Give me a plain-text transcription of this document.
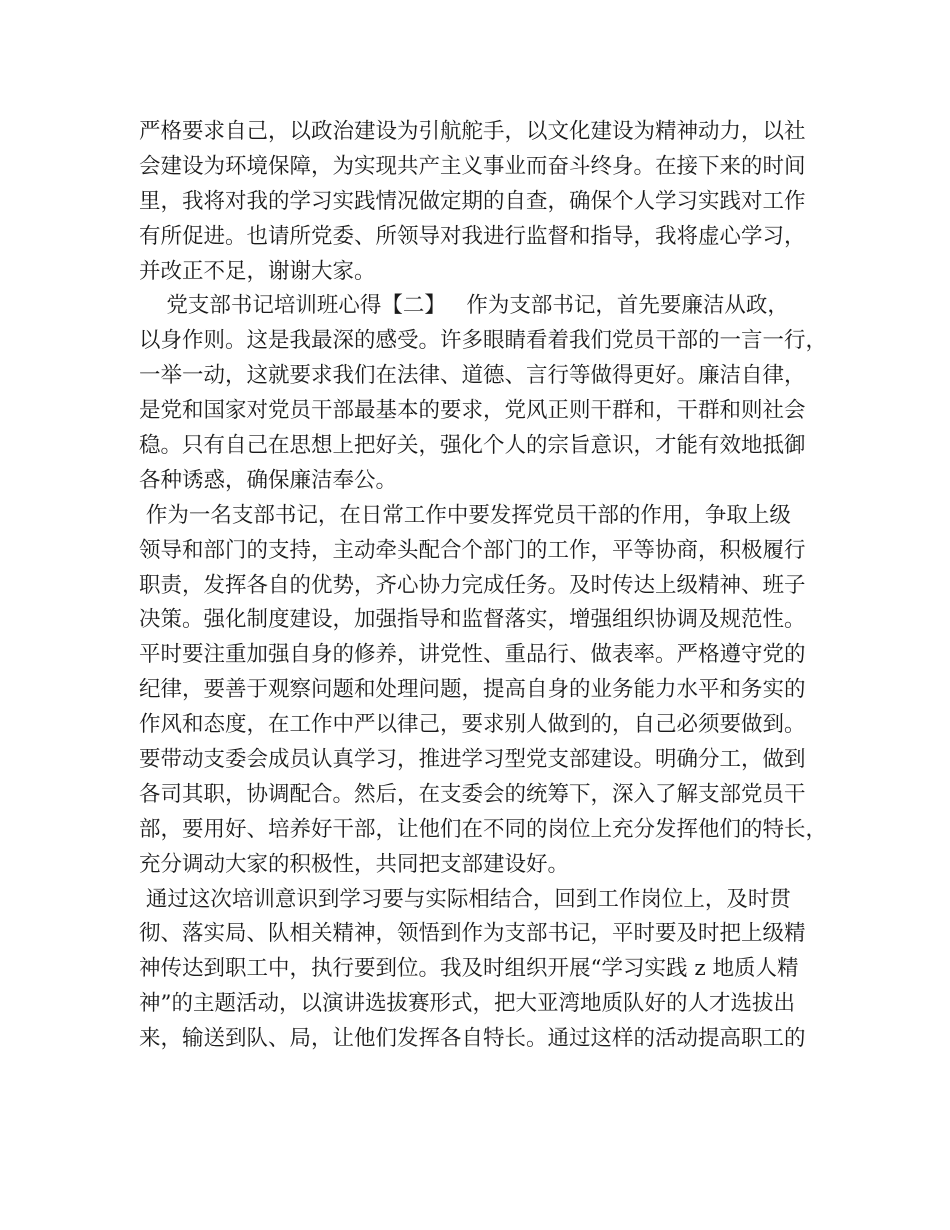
严格要求自己，以政治建设为引航舵手，以文化建设为精神动力，以社
会建设为环境保障，为实现共产主义事业而奋斗终身。在接下来的时间
里，我将对我的学习实践情况做定期的自查，确保个人学习实践对工作
有所促进。也请所党委、所领导对我进行监督和指导，我将虚心学习，
并改正不足，谢谢大家。
党支部书记培训班心得【二】   作为支部书记，首先要廉洁从政，
以身作则。这是我最深的感受。许多眼睛看着我们党员干部的一言一行，
一举一动，这就要求我们在法律、道德、言行等做得更好。廉洁自律，
是党和国家对党员干部最基本的要求，党风正则干群和，干群和则社会
稳。只有自己在思想上把好关，强化个人的宗旨意识，才能有效地抵御
各种诱惑，确保廉洁奉公。
作为一名支部书记，在日常工作中要发挥党员干部的作用，争取上级
领导和部门的支持，主动牵头配合个部门的工作，平等协商，积极履行
职责，发挥各自的优势，齐心协力完成任务。及时传达上级精神、班子
决策。强化制度建设，加强指导和监督落实，增强组织协调及规范性。
平时要注重加强自身的修养，讲党性、重品行、做表率。严格遵守党的
纪律，要善于观察问题和处理问题，提高自身的业务能力水平和务实的
作风和态度，在工作中严以律己，要求别人做到的，自己必须要做到。
要带动支委会成员认真学习，推进学习型党支部建设。明确分工，做到
各司其职，协调配合。然后，在支委会的统筹下，深入了解支部党员干
部，要用好、培养好干部，让他们在不同的岗位上充分发挥他们的特长，
充分调动大家的积极性，共同把支部建设好。
通过这次培训意识到学习要与实际相结合，回到工作岗位上，及时贯
彻、落实局、队相关精神，领悟到作为支部书记，平时要及时把上级精
神传达到职工中，执行要到位。我及时组织开展“学习实践 z 地质人精
神”的主题活动，以演讲选拔赛形式，把大亚湾地质队好的人才选拔出
来，输送到队、局，让他们发挥各自特长。通过这样的活动提高职工的
